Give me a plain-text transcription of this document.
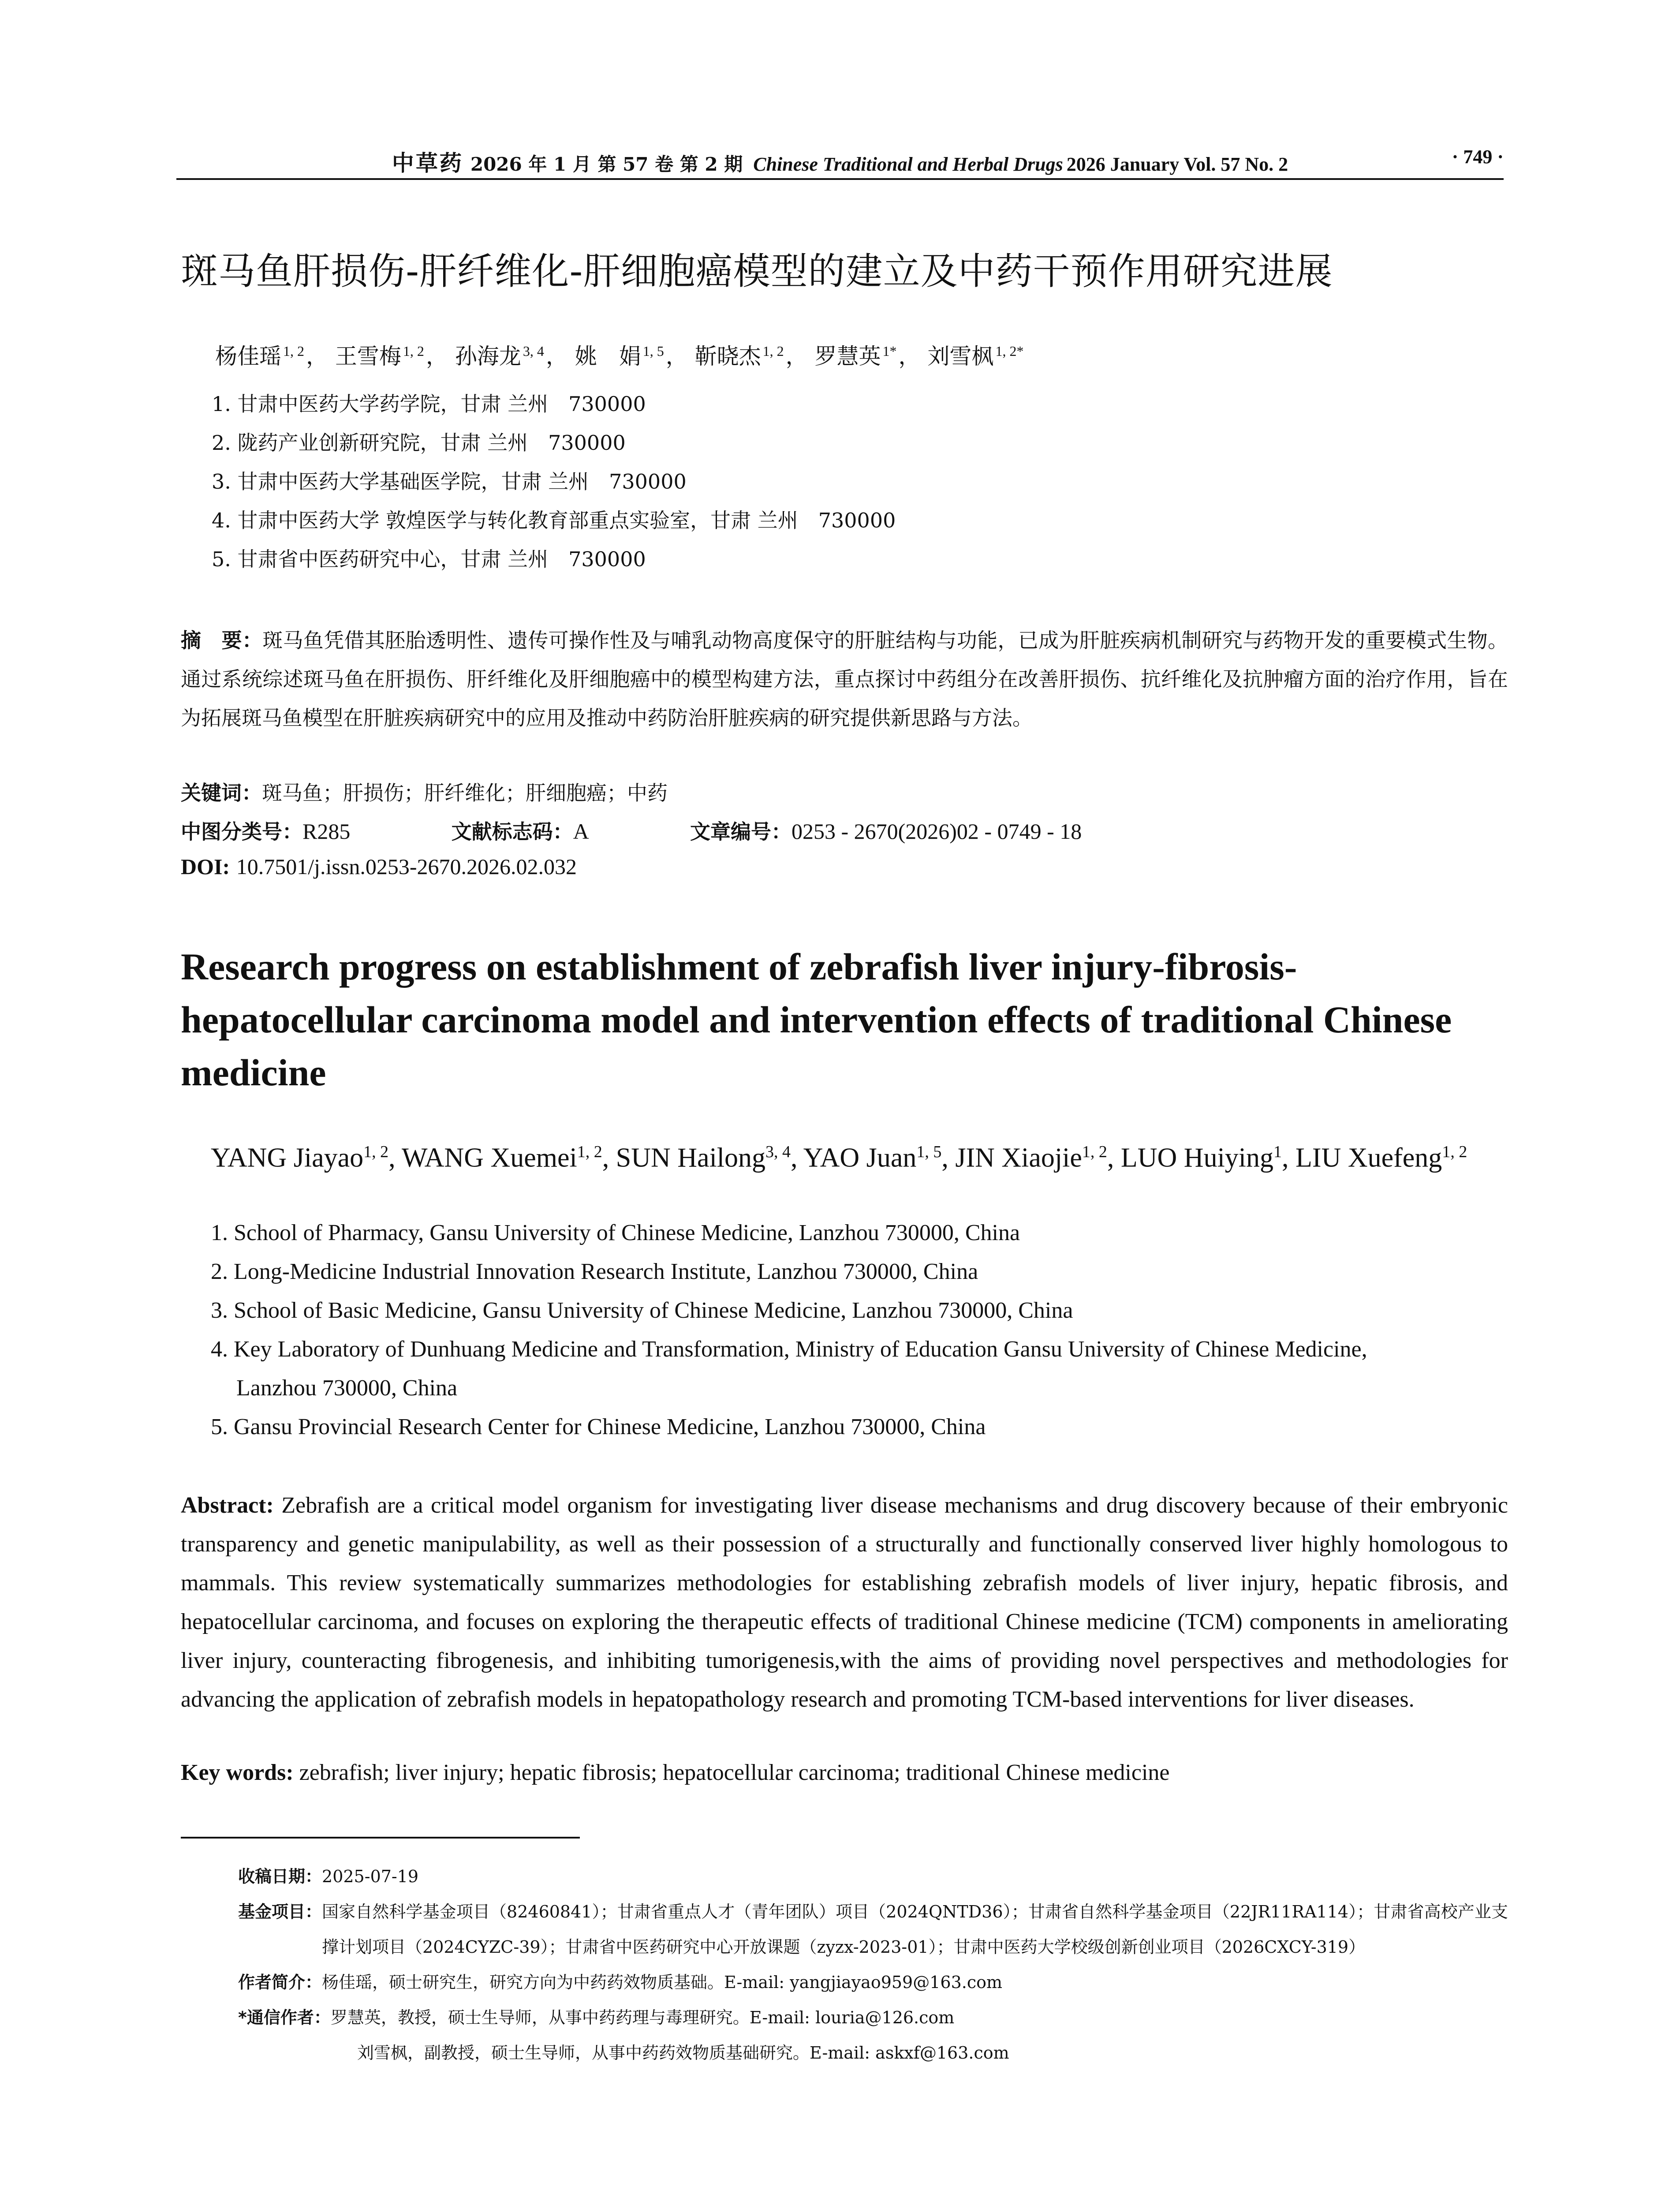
中草药 2026 年 1 月 第 57 卷 第 2 期 Chinese Traditional and Herbal Drugs 2026 January Vol. 57 No. 2	· 749 ·
斑马鱼肝损伤-肝纤维化-肝细胞癌模型的建立及中药干预作用研究进展
杨佳瑶 $^{1, 2}$， 王雪梅 $^{1, 2}$， 孙海龙 $^{3, 4}$， 姚　娟 $^{1, 5}$， 靳晓杰 $^{1, 2}$， 罗慧英 $^{1*}$， 刘雪枫 $^{1, 2*}$
1. 甘肃中医药大学药学院，甘肃 兰州　730000
2. 陇药产业创新研究院，甘肃 兰州　730000
3. 甘肃中医药大学基础医学院，甘肃 兰州　730000
4. 甘肃中医药大学 敦煌医学与转化教育部重点实验室，甘肃 兰州　730000
5. 甘肃省中医药研究中心，甘肃 兰州　730000
摘　要：斑马鱼凭借其胚胎透明性、遗传可操作性及与哺乳动物高度保守的肝脏结构与功能，已成为肝脏疾病机制研究与药物开发的重要模式生物。通过系统综述斑马鱼在肝损伤、肝纤维化及肝细胞癌中的模型构建方法，重点探讨中药组分在改善肝损伤、抗纤维化及抗肿瘤方面的治疗作用，旨在为拓展斑马鱼模型在肝脏疾病研究中的应用及推动中药防治肝脏疾病的研究提供新思路与方法。
关键词：斑马鱼；肝损伤；肝纤维化；肝细胞癌；中药
中图分类号：R285	文献标志码：A	文章编号：0253 - 2670(2026)02 - 0749 - 18
DOI: 10.7501/j.issn.0253-2670.2026.02.032
Research progress on establishment of zebrafish liver injury-fibrosis-hepatocellular carcinoma model and intervention effects of traditional Chinese medicine
YANG Jiayao$^{1, 2}$, WANG Xuemei$^{1, 2}$, SUN Hailong$^{3, 4}$, YAO Juan$^{1, 5}$, JIN Xiaojie$^{1, 2}$, LUO Huiying$^1$, LIU Xuefeng$^{1, 2}$
1. School of Pharmacy, Gansu University of Chinese Medicine, Lanzhou 730000, China
2. Long-Medicine Industrial Innovation Research Institute, Lanzhou 730000, China
3. School of Basic Medicine, Gansu University of Chinese Medicine, Lanzhou 730000, China
4. Key Laboratory of Dunhuang Medicine and Transformation, Ministry of Education Gansu University of Chinese Medicine,
Lanzhou 730000, China
5. Gansu Provincial Research Center for Chinese Medicine, Lanzhou 730000, China
Abstract: Zebrafish are a critical model organism for investigating liver disease mechanisms and drug discovery because of their embryonic transparency and genetic manipulability, as well as their possession of a structurally and functionally conserved liver highly homologous to mammals. This review systematically summarizes methodologies for establishing zebrafish models of liver injury, hepatic fibrosis, and hepatocellular carcinoma, and focuses on exploring the therapeutic effects of traditional Chinese medicine (TCM) components in ameliorating liver injury, counteracting fibrogenesis, and inhibiting tumorigenesis,with the aims of providing novel perspectives and methodologies for advancing the application of zebrafish models in hepatopathology research and promoting TCM-based interventions for liver diseases.
Key words: zebrafish; liver injury; hepatic fibrosis; hepatocellular carcinoma; traditional Chinese medicine
收稿日期： 2025-07-19
基金项目： 国家自然科学基金项目（82460841）；甘肃省重点人才（青年团队）项目（2024QNTD36）；甘肃省自然科学基金项目（22JR11RA114）；甘肃省高校产业支撑计划项目（2024CYZC-39）；甘肃省中医药研究中心开放课题（zyzx-2023-01）；甘肃中医药大学校级创新创业项目（2026CXCY-319）
作者简介： 杨佳瑶，硕士研究生，研究方向为中药药效物质基础。E-mail: yangjiayao959@163.com
*通信作者： 罗慧英，教授，硕士生导师，从事中药药理与毒理研究。E-mail: louria@126.com
刘雪枫，副教授，硕士生导师，从事中药药效物质基础研究。E-mail: askxf@163.com
